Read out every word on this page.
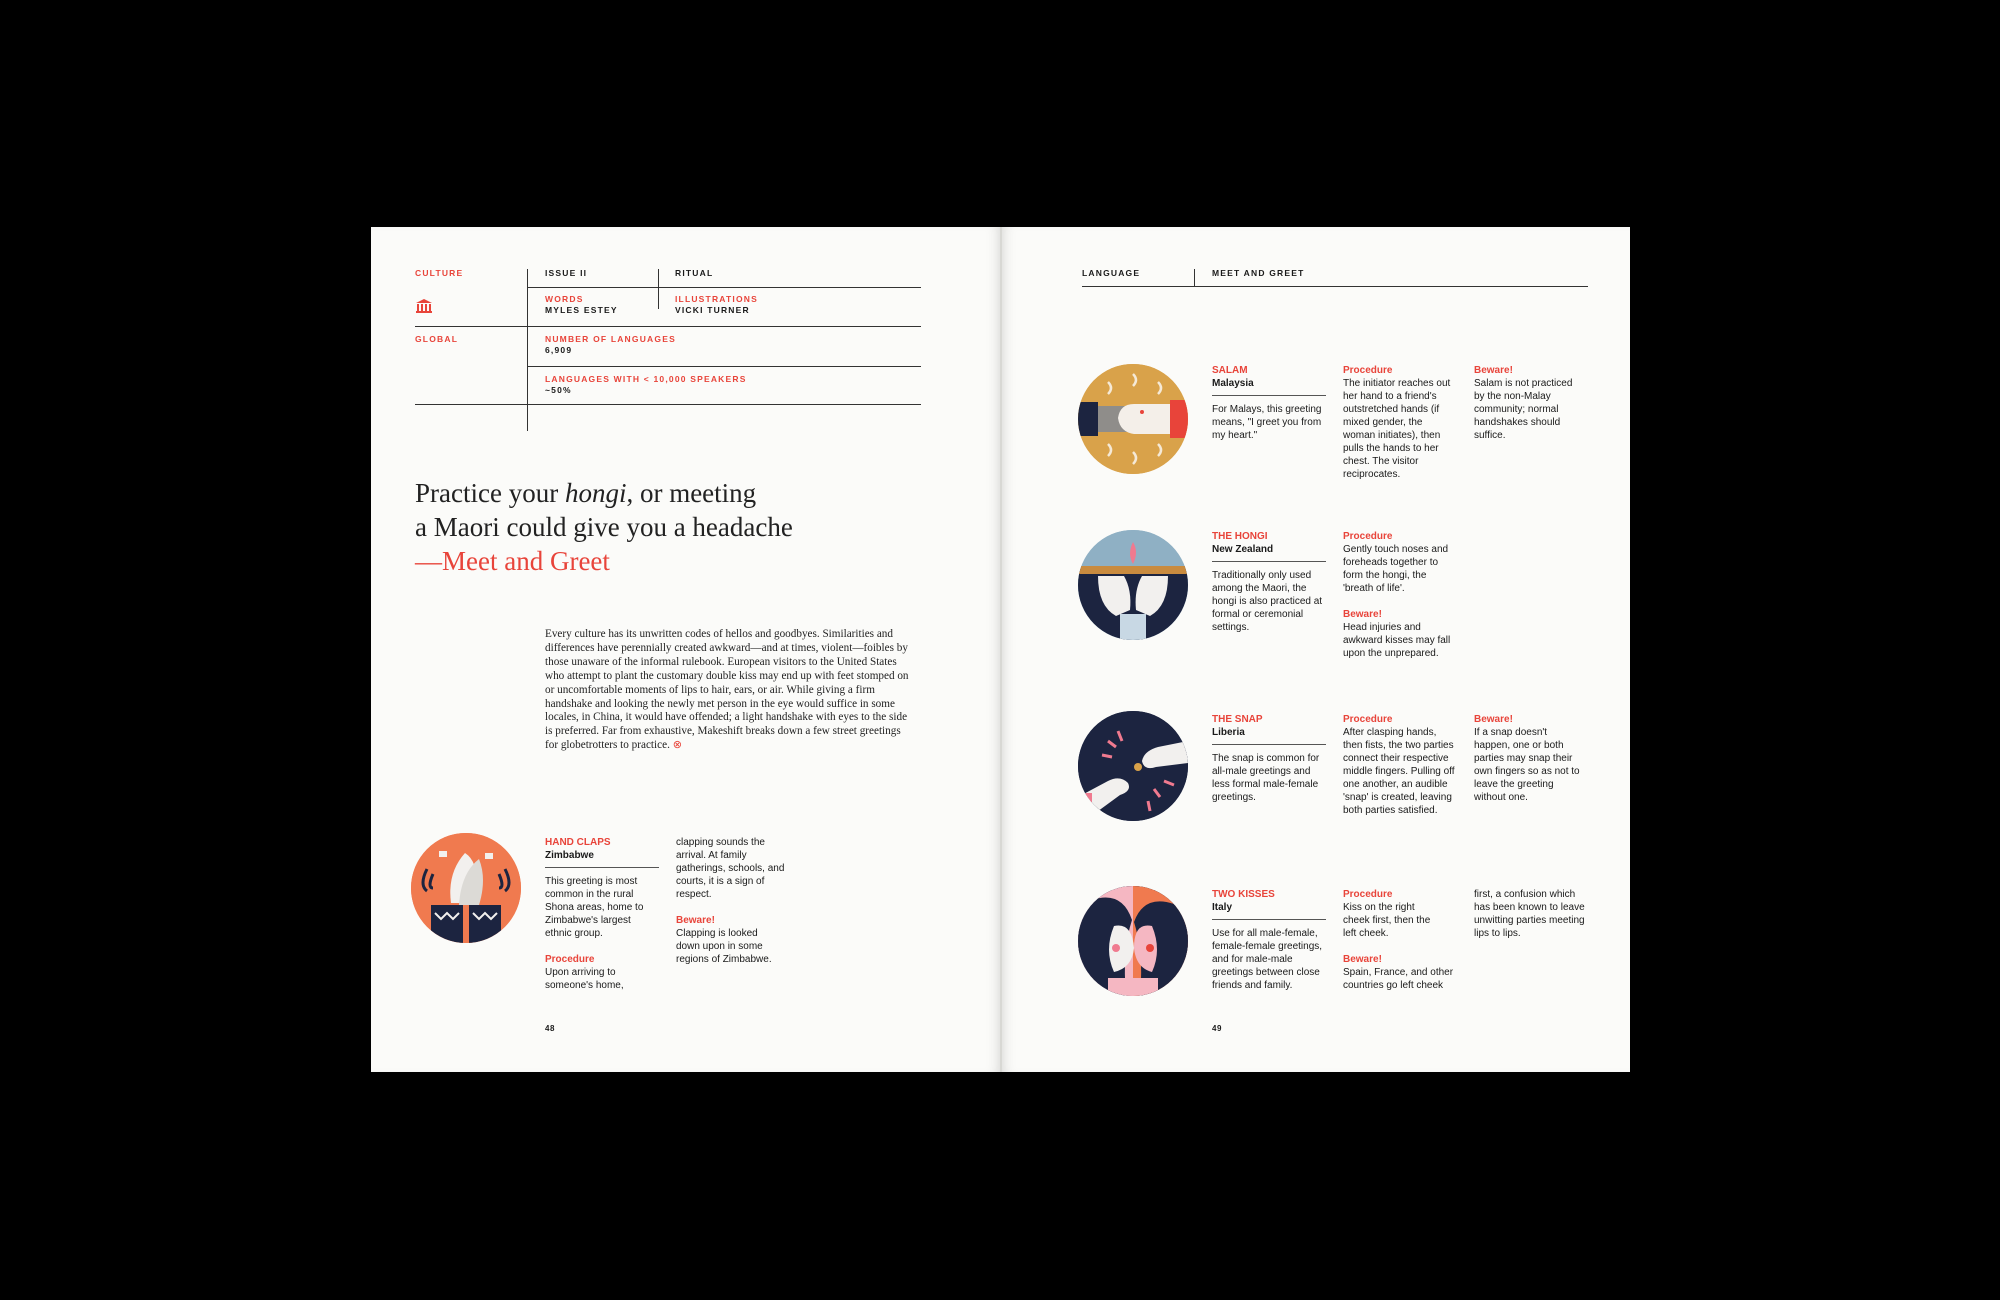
CULTURE	ISSUE II	RITUAL
WORDS
MYLES ESTEY
ILLUSTRATIONS
VICKI TURNER
GLOBAL	NUMBER OF LANGUAGES
6,909
LANGUAGES WITH < 10,000 SPEAKERS
~50%
Practice your hongi, or meeting
a Maori could give you a headache
—Meet and Greet
Every culture has its unwritten codes of hellos and goodbyes. Similarities and differences have perennially created awkward—and at times, violent—foibles by those unaware of the informal rulebook. European visitors to the United States who attempt to plant the customary double kiss may end up with feet stomped on or uncomfortable moments of lips to hair, ears, or air. While giving a firm handshake and looking the newly met person in the eye would suffice in some locales, in China, it would have offended; a light handshake with eyes to the side is preferred. Far from exhaustive, Makeshift breaks down a few street greetings for globetrotters to practice. ⊗
HAND CLAPS
Zimbabwe
This greeting is most common in the rural Shona areas, home to Zimbabwe's largest ethnic group.
Procedure
Upon arriving to someone's home,
clapping sounds the arrival. At family gatherings, schools, and courts, it is a sign of respect.
Beware!
Clapping is looked down upon in some regions of Zimbabwe.
48
LANGUAGE	MEET AND GREET
SALAM
Malaysia
For Malays, this greeting means, "I greet you from my heart."
Procedure
The initiator reaches out her hand to a friend's outstretched hands (if mixed gender, the woman initiates), then pulls the hands to her chest. The visitor reciprocates.
Beware!
Salam is not practiced by the non-Malay community; normal handshakes should suffice.
THE HONGI
New Zealand
Traditionally only used among the Maori, the hongi is also practiced at formal or ceremonial settings.
Procedure
Gently touch noses and foreheads together to form the hongi, the 'breath of life'.
Beware!
Head injuries and awkward kisses may fall upon the unprepared.
THE SNAP
Liberia
The snap is common for all-male greetings and less formal male-female greetings.
Procedure
After clasping hands, then fists, the two parties connect their respective middle fingers. Pulling off one another, an audible 'snap' is created, leaving both parties satisfied.
Beware!
If a snap doesn't happen, one or both parties may snap their own fingers so as not to leave the greeting without one.
TWO KISSES
Italy
Use for all male-female, female-female greetings, and for male-male greetings between close friends and family.
Procedure
Kiss on the right cheek first, then the left cheek.
Beware!
Spain, France, and other countries go left cheek
first, a confusion which has been known to leave unwitting parties meeting lips to lips.
49
